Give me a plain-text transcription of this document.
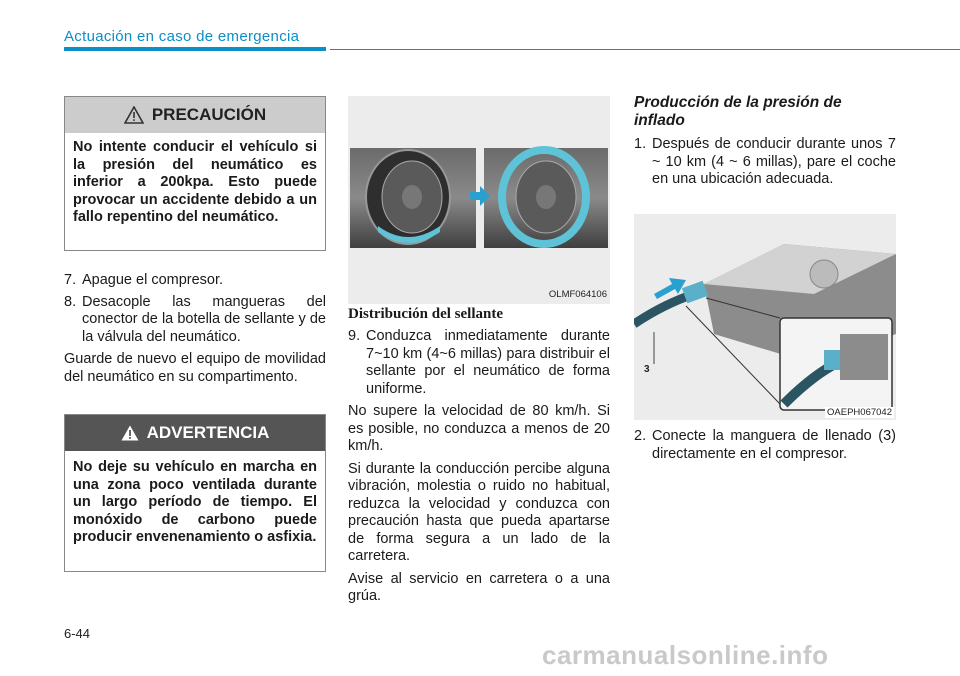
Actuación en caso de emergencia
PRECAUCIÓN
No intente conducir el vehículo si la presión del neumático es inferior a 200kpa. Esto puede provocar un accidente debido a un fallo repentino del neumático.
7. Apague el compresor.
8. Desacople las mangueras del conector de la botella de sellante y de la válvula del neumático.

Guarde de nuevo el equipo de movilidad del neumático en su compartimento.

ADVERTENCIA
No deje su vehículo en marcha en una zona poco ventilada durante un largo período de tiempo. El monóxido de carbono puede producir envenenamiento o asfixia.
OLMF064106
Distribución del sellante
9. Conduzca inmediatamente durante 7~10 km (4~6 millas) para distribuir el sellante por el neumático de forma uniforme.

No supere la velocidad de 80 km/h. Si es posible, no conduzca a menos de 20 km/h.

Si durante la conducción percibe alguna vibración, molestia o ruido no habitual, reduzca la velocidad y conduzca con precaución hasta que pueda apartarse de forma segura a un lado de la carretera.

Avise al servicio en carretera o a una grúa.

Producción de la presión de inflado
1. Después de conducir durante unos 7 ~ 10 km (4 ~ 6 millas), pare el coche en una ubicación adecuada.
3
OAEPH067042
2. Conecte la manguera de llenado (3) directamente en el compresor.
6-44
carmanualsonline.info
